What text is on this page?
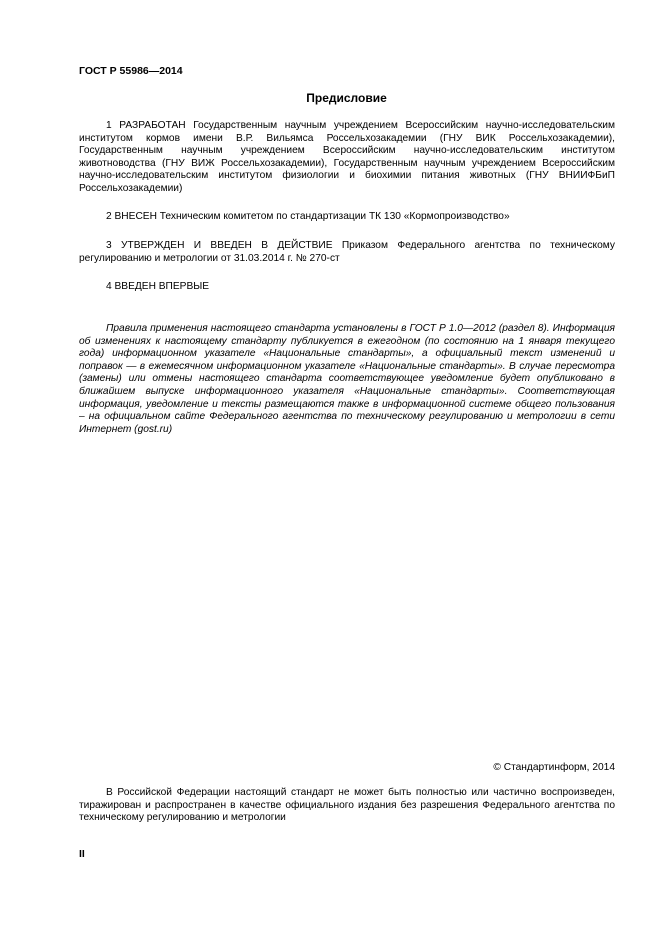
ГОСТ Р 55986—2014
Предисловие

1 РАЗРАБОТАН Государственным научным учреждением Всероссийским научно-исследовательским институтом кормов имени В.Р. Вильямса Россельхозакадемии (ГНУ ВИК Россельхозакадемии), Государственным научным учреждением Всероссийским научно-исследовательским институтом животноводства (ГНУ ВИЖ Россельхозакадемии), Государственным научным учреждением Всероссийским научно-исследовательским институтом физиологии и биохимии питания животных (ГНУ ВНИИФБиП Россельхозакадемии)

2 ВНЕСЕН Техническим комитетом по стандартизации ТК 130 «Кормопроизводство»

3 УТВЕРЖДЕН И ВВЕДЕН В ДЕЙСТВИЕ Приказом Федерального агентства по техническому регулированию и метрологии от 31.03.2014 г. № 270-ст

4 ВВЕДЕН ВПЕРВЫЕ

Правила применения настоящего стандарта установлены в ГОСТ Р 1.0—2012 (раздел 8). Информация об изменениях к настоящему стандарту публикуется в ежегодном (по состоянию на 1 января текущего года) информационном указателе «Национальные стандарты», а официальный текст изменений и поправок — в ежемесячном информационном указателе «Национальные стандарты». В случае пересмотра (замены) или отмены настоящего стандарта соответствующее уведомление будет опубликовано в ближайшем выпуске информационного указателя «Национальные стандарты». Соответствующая информация, уведомление и тексты размещаются также в информационной системе общего пользования – на официальном сайте Федерального агентства по техническому регулированию и метрологии в сети Интернет (gost.ru)

© Стандартинформ, 2014

В Российской Федерации настоящий стандарт не может быть полностью или частично воспроизведен, тиражирован и распространен в качестве официального издания без разрешения Федерального агентства по техническому регулированию и метрологии

II
